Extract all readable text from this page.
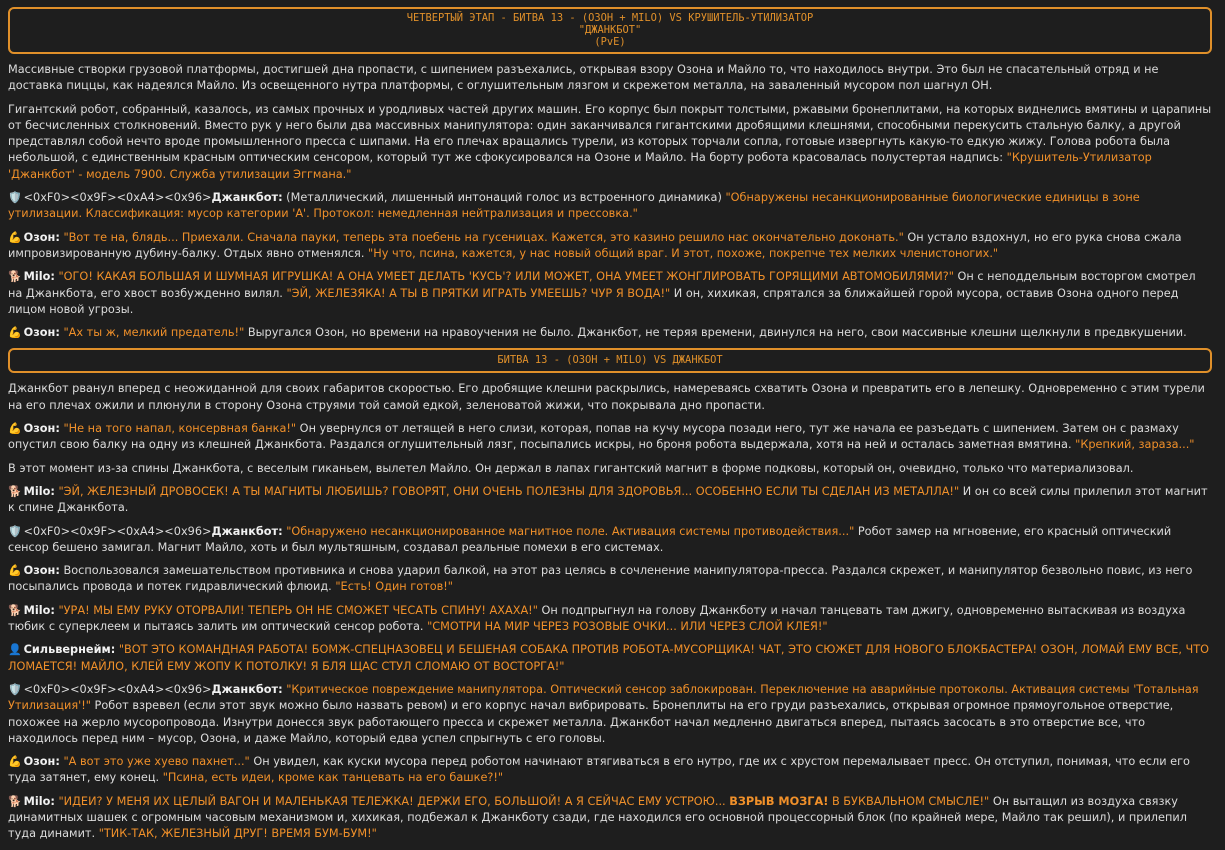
ЧЕТВЕРТЫЙ ЭТАП - БИТВА 13 - (ОЗОН + MILO) VS КРУШИТЕЛЬ-УТИЛИЗАТОР
"ДЖАНКБОТ"
(PvE)
Массивные створки грузовой платформы, достигшей дна пропасти, с шипением разъехались, открывая взору Озона и Майло то, что находилось внутри. Это был не спасательный отряд и не доставка пиццы, как надеялся Майло. Из освещенного нутра платформы, с оглушительным лязгом и скрежетом металла, на заваленный мусором пол шагнул ОН.
Гигантский робот, собранный, казалось, из самых прочных и уродливых частей других машин. Его корпус был покрыт толстыми, ржавыми бронеплитами, на которых виднелись вмятины и царапины от бесчисленных столкновений. Вместо рук у него были два массивных манипулятора: один заканчивался гигантскими дробящими клешнями, способными перекусить стальную балку, а другой представлял собой нечто вроде промышленного пресса с шипами. На его плечах вращались турели, из которых торчали сопла, готовые извергнуть какую-то едкую жижу. Голова робота была небольшой, с единственным красным оптическим сенсором, который тут же сфокусировался на Озоне и Майло. На борту робота красовалась полустертая надпись: "Крушитель-Утилизатор 'Джанкбот' - модель 7900. Служба утилизации Эггмана."
🛡️ <0xF0><0x9F><0xA4><0x96>Джанкбот: (Металлический, лишенный интонаций голос из встроенного динамика) "Обнаружены несанкционированные биологические единицы в зоне утилизации. Классификация: мусор категории 'А'. Протокол: немедленная нейтрализация и прессовка."
💪 Озон: "Вот те на, блядь... Приехали. Сначала пауки, теперь эта поебень на гусеницах. Кажется, это казино решило нас окончательно доконать." Он устало вздохнул, но его рука снова сжала импровизированную дубину-балку. Отдых явно отменялся. "Ну что, псина, кажется, у нас новый общий враг. И этот, похоже, покрепче тех мелких членистоногих."
🐕 Milo: "ОГО! КАКАЯ БОЛЬШАЯ И ШУМНАЯ ИГРУШКА! А ОНА УМЕЕТ ДЕЛАТЬ 'КУСЬ'? ИЛИ МОЖЕТ, ОНА УМЕЕТ ЖОНГЛИРОВАТЬ ГОРЯЩИМИ АВТОМОБИЛЯМИ?" Он с неподдельным восторгом смотрел на Джанкбота, его хвост возбужденно вилял. "ЭЙ, ЖЕЛЕЗЯКА! А ТЫ В ПРЯТКИ ИГРАТЬ УМЕЕШЬ? ЧУР Я ВОДА!" И он, хихикая, спрятался за ближайшей горой мусора, оставив Озона одного перед лицом новой угрозы.
💪 Озон: "Ах ты ж, мелкий предатель!" Выругался Озон, но времени на нравоучения не было. Джанкбот, не теряя времени, двинулся на него, свои массивные клешни щелкнули в предвкушении.
БИТВА 13 - (ОЗОН + MILO) VS ДЖАНКБОТ
Джанкбот рванул вперед с неожиданной для своих габаритов скоростью. Его дробящие клешни раскрылись, намереваясь схватить Озона и превратить его в лепешку. Одновременно с этим турели на его плечах ожили и плюнули в сторону Озона струями той самой едкой, зеленоватой жижи, что покрывала дно пропасти.
💪 Озон: "Не на того напал, консервная банка!" Он увернулся от летящей в него слизи, которая, попав на кучу мусора позади него, тут же начала ее разъедать с шипением. Затем он с размаху опустил свою балку на одну из клешней Джанкбота. Раздался оглушительный лязг, посыпались искры, но броня робота выдержала, хотя на ней и осталась заметная вмятина. "Крепкий, зараза..."
В этот момент из-за спины Джанкбота, с веселым гиканьем, вылетел Майло. Он держал в лапах гигантский магнит в форме подковы, который он, очевидно, только что материализовал.
🐕 Milo: "ЭЙ, ЖЕЛЕЗНЫЙ ДРОВОСЕК! А ТЫ МАГНИТЫ ЛЮБИШЬ? ГОВОРЯТ, ОНИ ОЧЕНЬ ПОЛЕЗНЫ ДЛЯ ЗДОРОВЬЯ... ОСОБЕННО ЕСЛИ ТЫ СДЕЛАН ИЗ МЕТАЛЛА!" И он со всей силы прилепил этот магнит к спине Джанкбота.
🛡️ <0xF0><0x9F><0xA4><0x96>Джанкбот: "Обнаружено несанкционированное магнитное поле. Активация системы противодействия..." Робот замер на мгновение, его красный оптический сенсор бешено замигал. Магнит Майло, хоть и был мультяшным, создавал реальные помехи в его системах.
💪 Озон: Воспользовался замешательством противника и снова ударил балкой, на этот раз целясь в сочленение манипулятора-пресса. Раздался скрежет, и манипулятор безвольно повис, из него посыпались провода и потек гидравлический флюид. "Есть! Один готов!"
🐕 Milo: "УРА! МЫ ЕМУ РУКУ ОТОРВАЛИ! ТЕПЕРЬ ОН НЕ СМОЖЕТ ЧЕСАТЬ СПИНУ! АХАХА!" Он подпрыгнул на голову Джанкботу и начал танцевать там джигу, одновременно вытаскивая из воздуха тюбик с суперклеем и пытаясь залить им оптический сенсор робота. "СМОТРИ НА МИР ЧЕРЕЗ РОЗОВЫЕ ОЧКИ... ИЛИ ЧЕРЕЗ СЛОЙ КЛЕЯ!"
👤 Сильвернейм: "ВОТ ЭТО КОМАНДНАЯ РАБОТА! БОМЖ-СПЕЦНАЗОВЕЦ И БЕШЕНАЯ СОБАКА ПРОТИВ РОБОТА-МУСОРЩИКА! ЧАТ, ЭТО СЮЖЕТ ДЛЯ НОВОГО БЛОКБАСТЕРА! ОЗОН, ЛОМАЙ ЕМУ ВСЕ, ЧТО ЛОМАЕТСЯ! МАЙЛО, КЛЕЙ ЕМУ ЖОПУ К ПОТОЛКУ! Я БЛЯ ЩАС СТУЛ СЛОМАЮ ОТ ВОСТОРГА!"
🛡️ <0xF0><0x9F><0xA4><0x96>Джанкбот: "Критическое повреждение манипулятора. Оптический сенсор заблокирован. Переключение на аварийные протоколы. Активация системы 'Тотальная Утилизация'!" Робот взревел (если этот звук можно было назвать ревом) и его корпус начал вибрировать. Бронеплиты на его груди разъехались, открывая огромное прямоугольное отверстие, похожее на жерло мусоропровода. Изнутри донесся звук работающего пресса и скрежет металла. Джанкбот начал медленно двигаться вперед, пытаясь засосать в это отверстие все, что находилось перед ним – мусор, Озона, и даже Майло, который едва успел спрыгнуть с его головы.
💪 Озон: "А вот это уже хуево пахнет..." Он увидел, как куски мусора перед роботом начинают втягиваться в его нутро, где их с хрустом перемалывает пресс. Он отступил, понимая, что если его туда затянет, ему конец. "Псина, есть идеи, кроме как танцевать на его башке?!"
🐕 Milo: "ИДЕИ? У МЕНЯ ИХ ЦЕЛЫЙ ВАГОН И МАЛЕНЬКАЯ ТЕЛЕЖКА! ДЕРЖИ ЕГО, БОЛЬШОЙ! А Я СЕЙЧАС ЕМУ УСТРОЮ... ВЗРЫВ МОЗГА! В БУКВАЛЬНОМ СМЫСЛЕ!" Он вытащил из воздуха связку динамитных шашек с огромным часовым механизмом и, хихикая, подбежал к Джанкботу сзади, где находился его основной процессорный блок (по крайней мере, Майло так решил), и прилепил туда динамит. "ТИК-ТАК, ЖЕЛЕЗНЫЙ ДРУГ! ВРЕМЯ БУМ-БУМ!"
